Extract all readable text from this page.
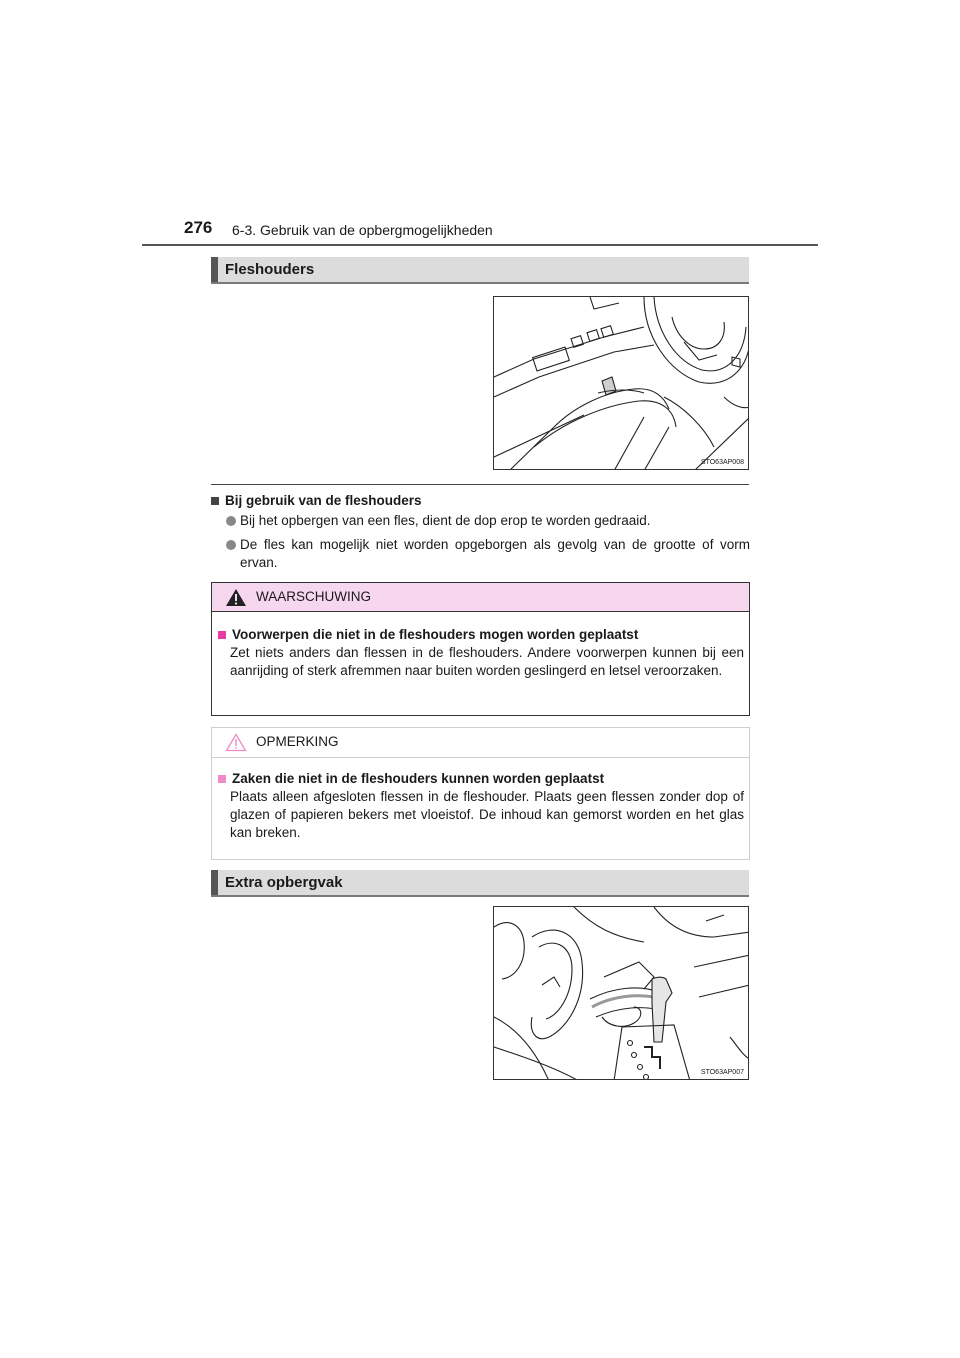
276 6-3. Gebruik van de opbergmogelijkheden
Fleshouders
STO63AP008
Bij gebruik van de fleshouders
Bij het opbergen van een fles, dient de dop erop te worden gedraaid.
De fles kan mogelijk niet worden opgeborgen als gevolg van de grootte of vorm ervan.
WAARSCHUWING
Voorwerpen die niet in de fleshouders mogen worden geplaatst
Zet niets anders dan flessen in de fleshouders. Andere voorwerpen kunnen bij een aanrijding of sterk afremmen naar buiten worden geslingerd en letsel veroorzaken.
OPMERKING
Zaken die niet in de fleshouders kunnen worden geplaatst
Plaats alleen afgesloten flessen in de fleshouder. Plaats geen flessen zonder dop of glazen of papieren bekers met vloeistof. De inhoud kan gemorst worden en het glas kan breken.
Extra opbergvak
STO63AP007
